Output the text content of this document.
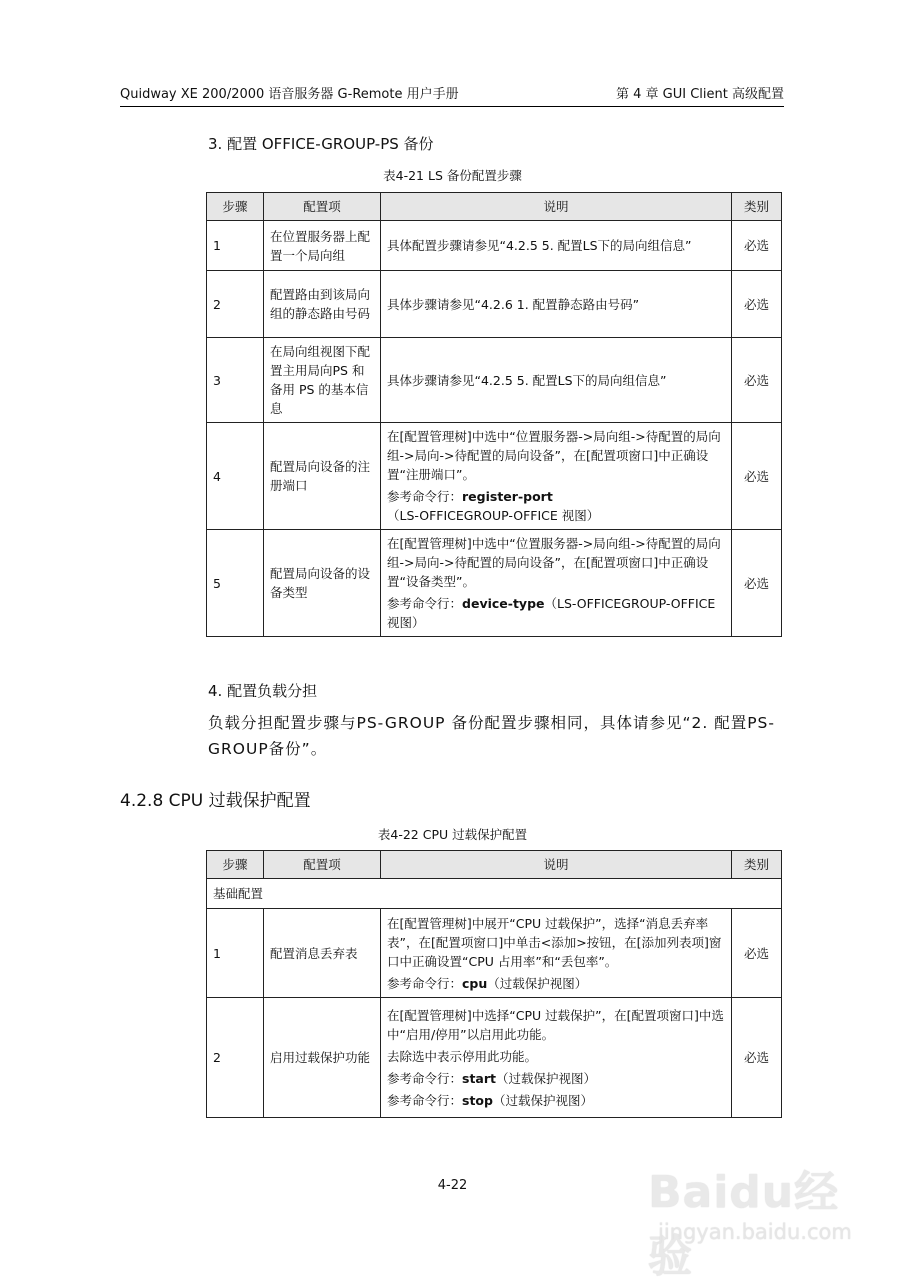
Quidway XE 200/2000 语音服务器 G-Remote 用户手册	第 4 章 GUI Client 高级配置
3. 配置 OFFICE-GROUP-PS 备份
表4-21 LS 备份配置步骤
步骤	配置项	说明	类别
1	在位置服务器上配置一个局向组	具体配置步骤请参见“4.2.5 5. 配置LS下的局向组信息”	必选
2	配置路由到该局向组的静态路由号码	具体步骤请参见“4.2.6 1. 配置静态路由号码”	必选
3	在局向组视图下配置主用局向PS 和备用 PS 的基本信息	具体步骤请参见“4.2.5 5. 配置LS下的局向组信息”	必选
4	配置局向设备的注册端口	在[配置管理树]中选中“位置服务器->局向组->待配置的局向组->局向->待配置的局向设备”，在[配置项窗口]中正确设置“注册端口”。

参考命令行：register-port
（LS-OFFICEGROUP-OFFICE 视图）	必选
5	配置局向设备的设备类型	在[配置管理树]中选中“位置服务器->局向组->待配置的局向组->局向->待配置的局向设备”，在[配置项窗口]中正确设置“设备类型”。

参考命令行：device-type（LS-OFFICEGROUP-OFFICE 视图）	必选
4. 配置负载分担
负载分担配置步骤与PS-GROUP 备份配置步骤相同，具体请参见“2. 配置PS-GROUP备份”。
4.2.8 CPU 过载保护配置
表4-22 CPU 过载保护配置
步骤	配置项	说明	类别
基础配置			
1	配置消息丢弃表	在[配置管理树]中展开“CPU 过载保护”，选择“消息丢弃率表”，在[配置项窗口]中单击<添加>按钮，在[添加列表项]窗口中正确设置“CPU 占用率”和“丢包率”。

参考命令行：cpu（过载保护视图）	必选
2	启用过载保护功能	在[配置管理树]中选择“CPU 过载保护”，在[配置项窗口]中选中“启用/停用”以启用此功能。

去除选中表示停用此功能。

参考命令行：start（过载保护视图）

参考命令行：stop（过载保护视图）	必选
4-22	Baidu经验
jingyan.baidu.com
